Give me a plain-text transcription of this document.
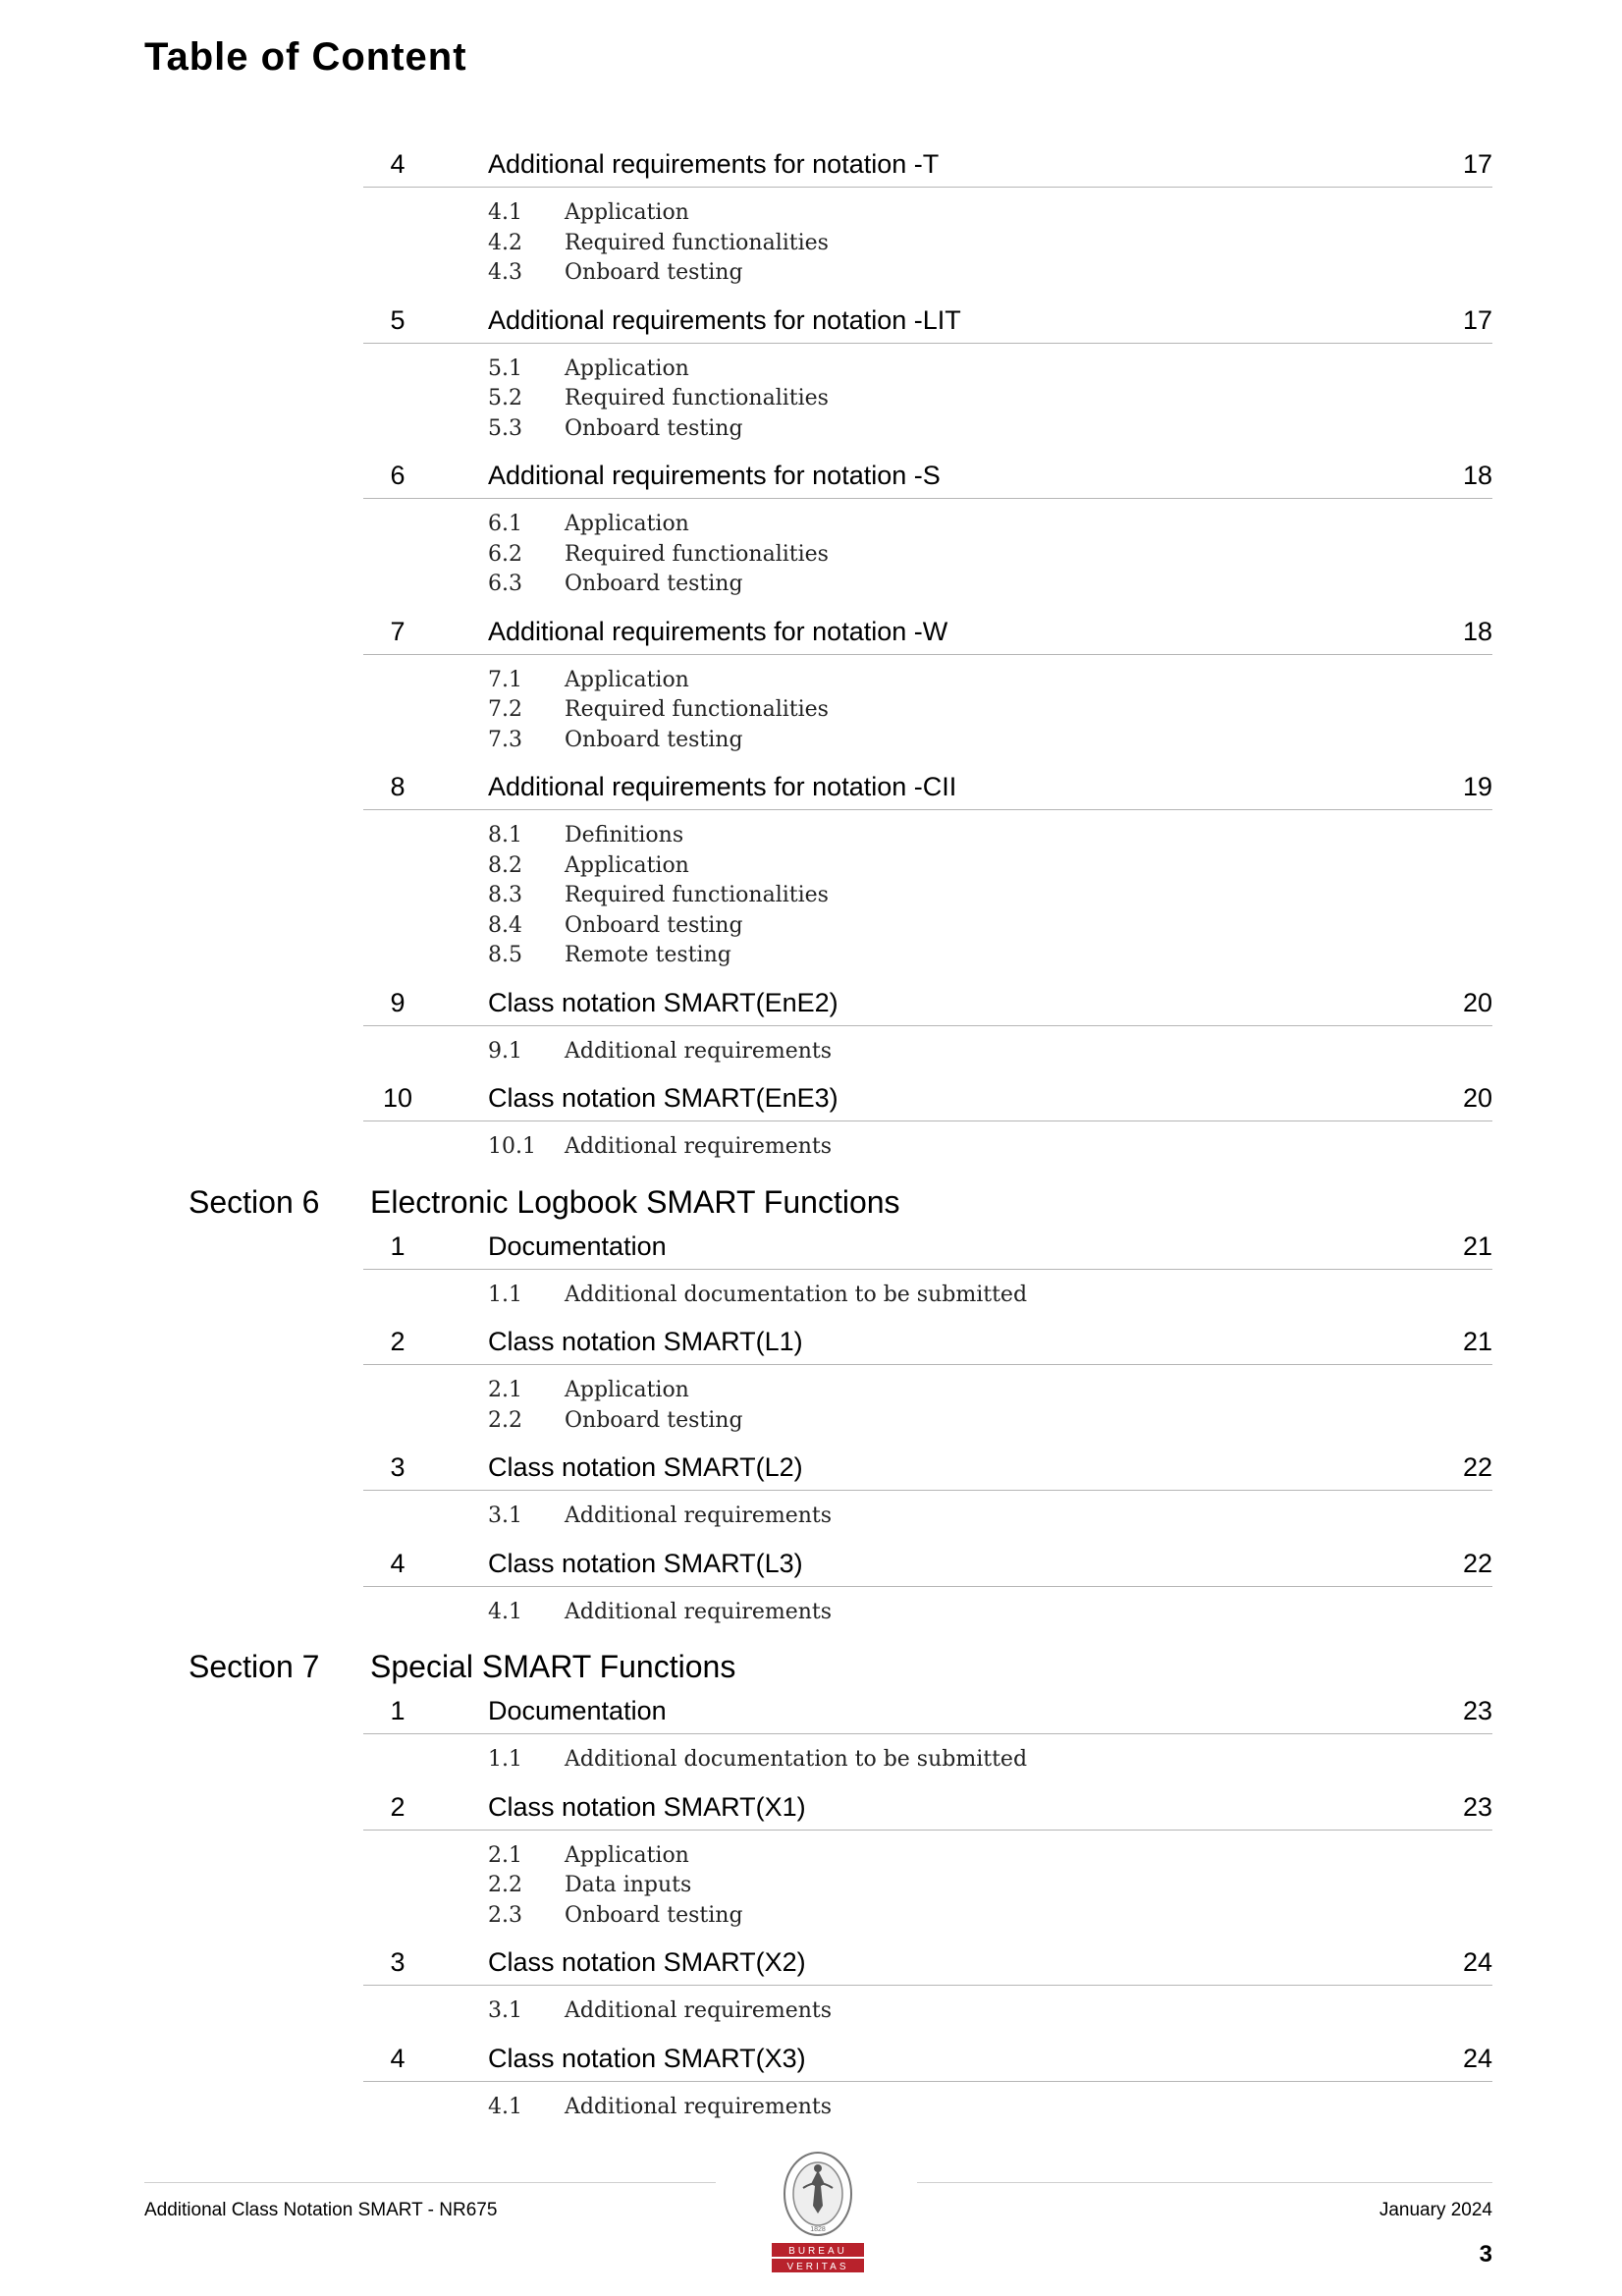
Table of Content
4	Additional requirements for notation -T	17
4.1 Application
4.2 Required functionalities
4.3 Onboard testing
5	Additional requirements for notation -LIT	17
5.1 Application
5.2 Required functionalities
5.3 Onboard testing
6	Additional requirements for notation -S	18
6.1 Application
6.2 Required functionalities
6.3 Onboard testing
7	Additional requirements for notation -W	18
7.1 Application
7.2 Required functionalities
7.3 Onboard testing
8	Additional requirements for notation -CII	19
8.1 Definitions
8.2 Application
8.3 Required functionalities
8.4 Onboard testing
8.5 Remote testing
9	Class notation SMART(EnE2)	20
9.1 Additional requirements
10	Class notation SMART(EnE3)	20
10.1 Additional requirements
Section 6 Electronic Logbook SMART Functions
1	Documentation	21
1.1 Additional documentation to be submitted
2	Class notation SMART(L1)	21
2.1 Application
2.2 Onboard testing
3	Class notation SMART(L2)	22
3.1 Additional requirements
4	Class notation SMART(L3)	22
4.1 Additional requirements
Section 7 Special SMART Functions
1	Documentation	23
1.1 Additional documentation to be submitted
2	Class notation SMART(X1)	23
2.1 Application
2.2 Data inputs
2.3 Onboard testing
3	Class notation SMART(X2)	24
3.1 Additional requirements
4	Class notation SMART(X3)	24
4.1 Additional requirements
BUREAU
VERITAS
1828
Additional Class Notation SMART - NR675	January 2024
3
